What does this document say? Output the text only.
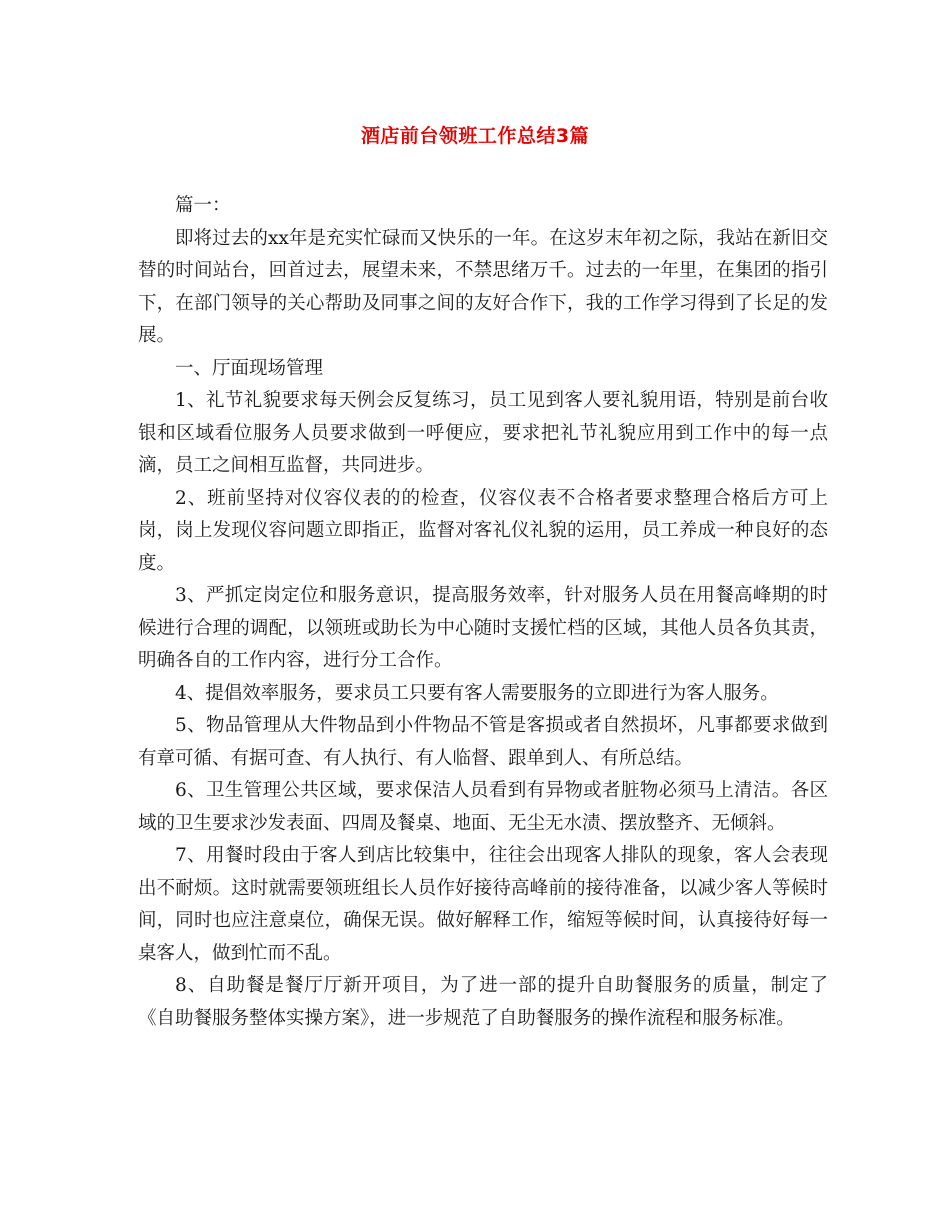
酒店前台领班工作总结3篇

篇一：

即将过去的xx年是充实忙碌而又快乐的一年。在这岁末年初之际，我站在新旧交替的时间站台，回首过去，展望未来，不禁思绪万千。过去的一年里，在集团的指引下，在部门领导的关心帮助及同事之间的友好合作下，我的工作学习得到了长足的发展。

一、厅面现场管理

1、礼节礼貌要求每天例会反复练习，员工见到客人要礼貌用语，特别是前台收银和区域看位服务人员要求做到一呼便应，要求把礼节礼貌应用到工作中的每一点滴，员工之间相互监督，共同进步。

2、班前坚持对仪容仪表的的检查，仪容仪表不合格者要求整理合格后方可上岗，岗上发现仪容问题立即指正，监督对客礼仪礼貌的运用，员工养成一种良好的态度。

3、严抓定岗定位和服务意识，提高服务效率，针对服务人员在用餐高峰期的时候进行合理的调配，以领班或助长为中心随时支援忙档的区域，其他人员各负其责，明确各自的工作内容，进行分工合作。

4、提倡效率服务，要求员工只要有客人需要服务的立即进行为客人服务。

5、物品管理从大件物品到小件物品不管是客损或者自然损坏，凡事都要求做到有章可循、有据可查、有人执行、有人临督、跟单到人、有所总结。

6、卫生管理公共区域，要求保洁人员看到有异物或者脏物必须马上清洁。各区域的卫生要求沙发表面、四周及餐桌、地面、无尘无水渍、摆放整齐、无倾斜。

7、用餐时段由于客人到店比较集中，往往会出现客人排队的现象，客人会表现出不耐烦。这时就需要领班组长人员作好接待高峰前的接待准备，以减少客人等候时间，同时也应注意桌位，确保无误。做好解释工作，缩短等候时间，认真接待好每一桌客人，做到忙而不乱。

8、自助餐是餐厅厅新开项目，为了进一部的提升自助餐服务的质量，制定了《自助餐服务整体实操方案》，进一步规范了自助餐服务的操作流程和服务标准。
